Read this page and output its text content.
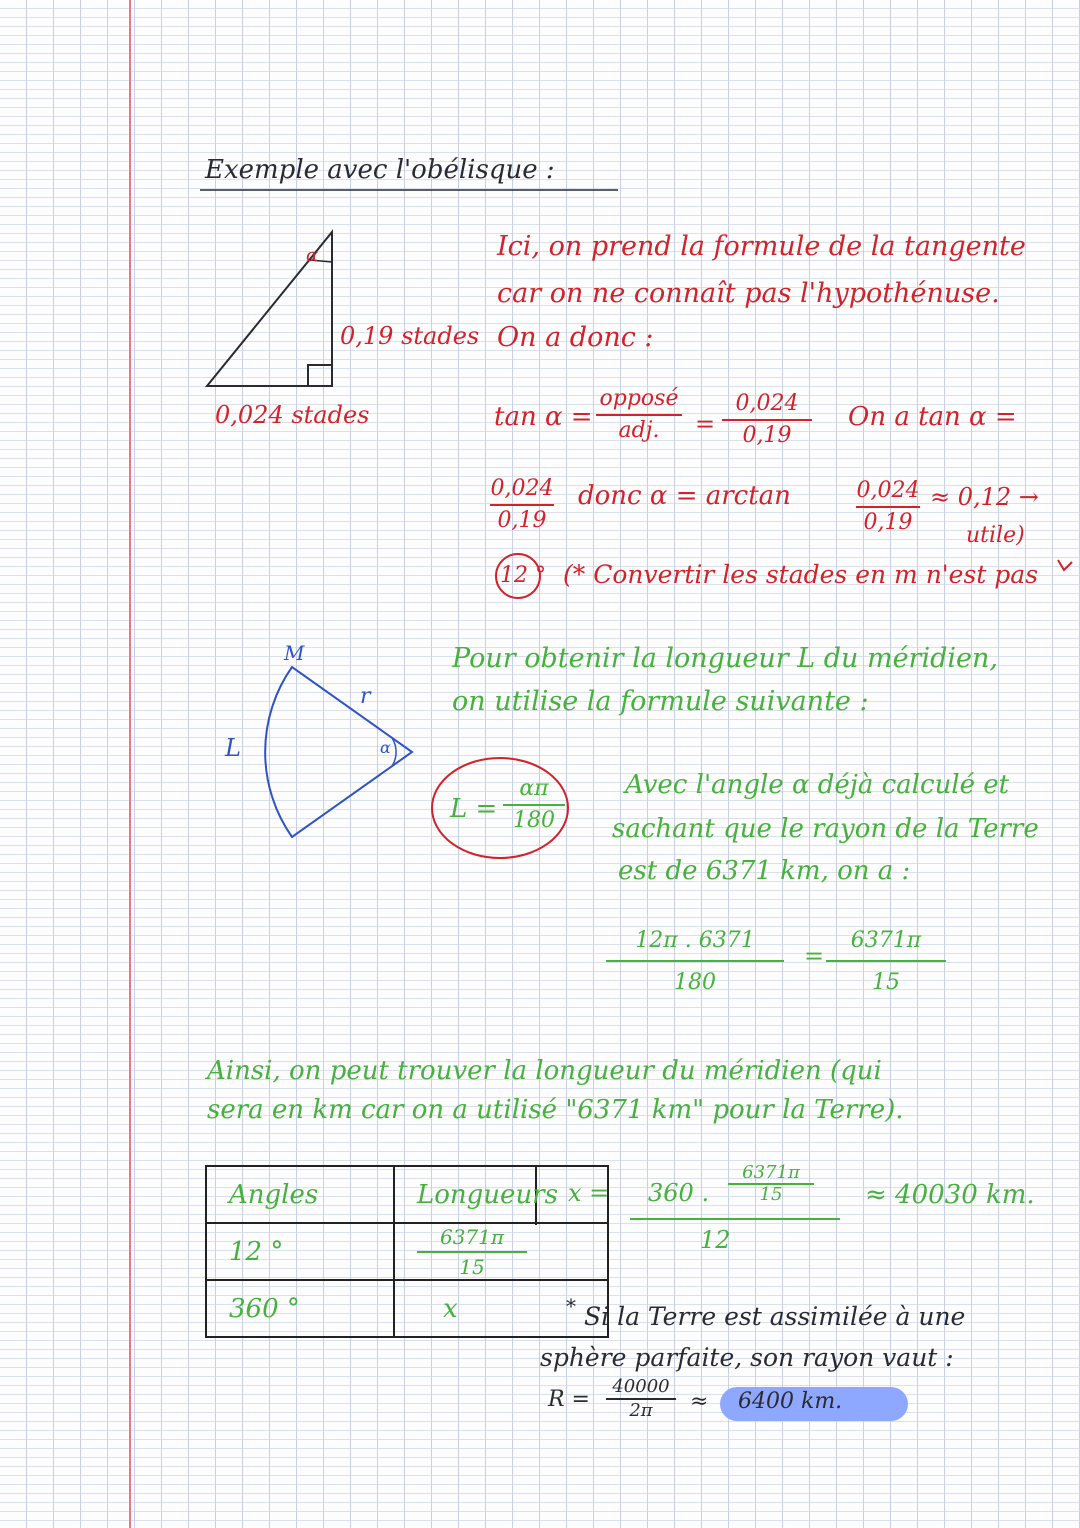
Exemple avec l'obélisque :
α
0,19 stades
0,024 stades
Ici, on prend la formule de la tangente
car on ne connaît pas l'hypothénuse.
On a donc :
tan α =
opposé
adj.	=
0,024
0,19
On a tan α =
0,024
0,19
donc α = arctan	0,024
0,19
≈ 0,12 →
utile)
12 ° (* Convertir les stades en m n'est pas
M
r
L	α
Pour obtenir la longueur L du méridien,
on utilise la formule suivante :
L =
απ
180
Avec l'angle α déjà calculé et
sachant que le rayon de la Terre
est de 6371 km, on a :
12π . 6371
180
=
6371π
15
Ainsi, on peut trouver la longueur du méridien (qui
sera en km car on a utilisé "6371 km" pour la Terre).
Angles	Longueurs
12 °	6371π
15

360 °	x
x = 360 .
6371π
15
12
≈ 40030 km.
* Si la Terre est assimilée à une
sphère parfaite, son rayon vaut :
R =
40000
2π	≈ 6400 km.
